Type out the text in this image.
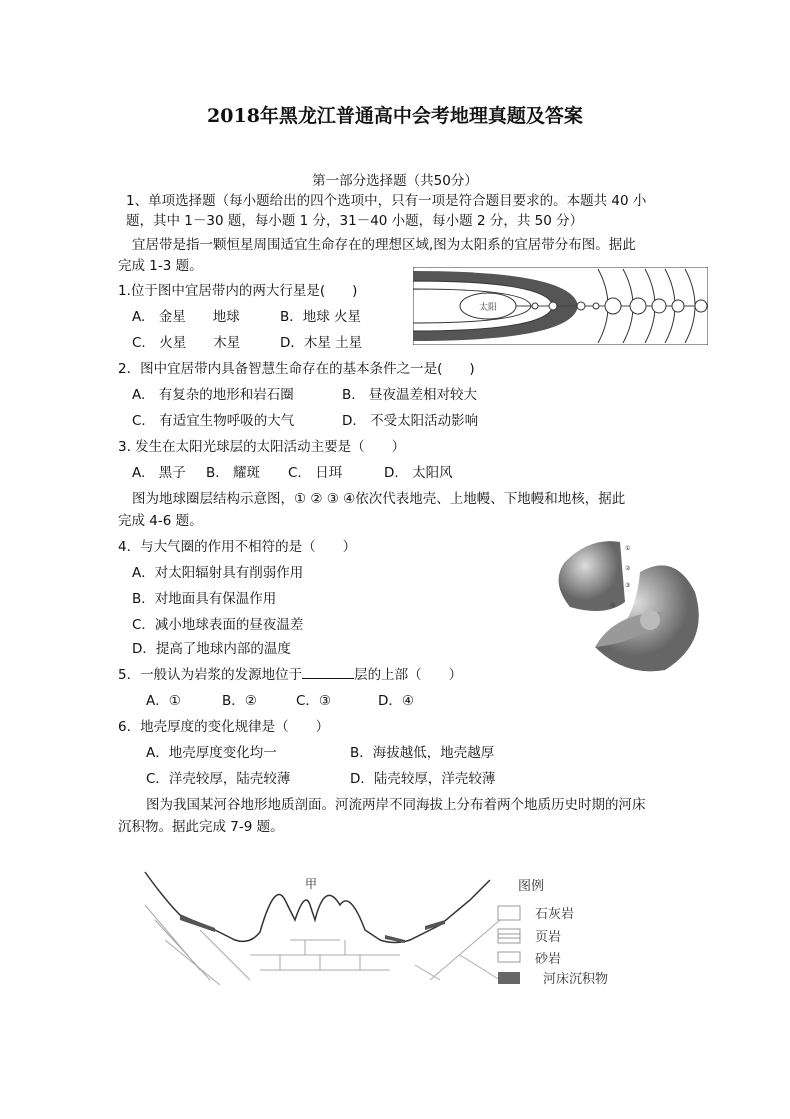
2018年黑龙江普通高中会考地理真题及答案
第一部分选择题（共50分）
1、单项选择题（每小题给出的四个选项中，只有一项是符合题目要求的。本题共 40 小
题，其中 1－30 题，每小题 1 分，31－40 小题，每小题 2 分，共 50 分）
宜居带是指一颗恒星周围适宜生命存在的理想区域,图为太阳系的宜居带分布图。据此
完成 1-3 题。
太阳
1.位于图中宜居带内的两大行星是(　　)
A.　金星　　地球	B．地球 火星
C.　火星　　木星	D．木星 土星
2．图中宜居带内具备智慧生命存在的基本条件之一是(　　)
A.　有复杂的地形和岩石圈	B.　昼夜温差相对较大
C.　有适宜生物呼吸的大气	D.　不受太阳活动影响
3. 发生在太阳光球层的太阳活动主要是（　　）
A.　黑子 B.　耀斑 C.　日珥	D.　太阳风
图为地球圈层结构示意图，① ② ③ ④依次代表地壳、上地幔、下地幔和地核，据此
完成 4-6 题。
①
②
③
④
4．与大气圈的作用不相符的是（　　）
A．对太阳辐射具有削弱作用
B．对地面具有保温作用
C．减小地球表面的昼夜温差
D．提高了地球内部的温度
5．一般认为岩浆的发源地位于	层的上部（　　）
A．①	B．②	C．③	D．④
6．地壳厚度的变化规律是（　　）
A．地壳厚度变化均一	B．海拔越低，地壳越厚
C．洋壳较厚，陆壳较薄	D．陆壳较厚，洋壳较薄
图为我国某河谷地形地质剖面。河流两岸不同海拔上分布着两个地质历史时期的河床
沉积物。据此完成 7-9 题。
甲	图例
石灰岩
页岩
砂岩
河床沉积物
